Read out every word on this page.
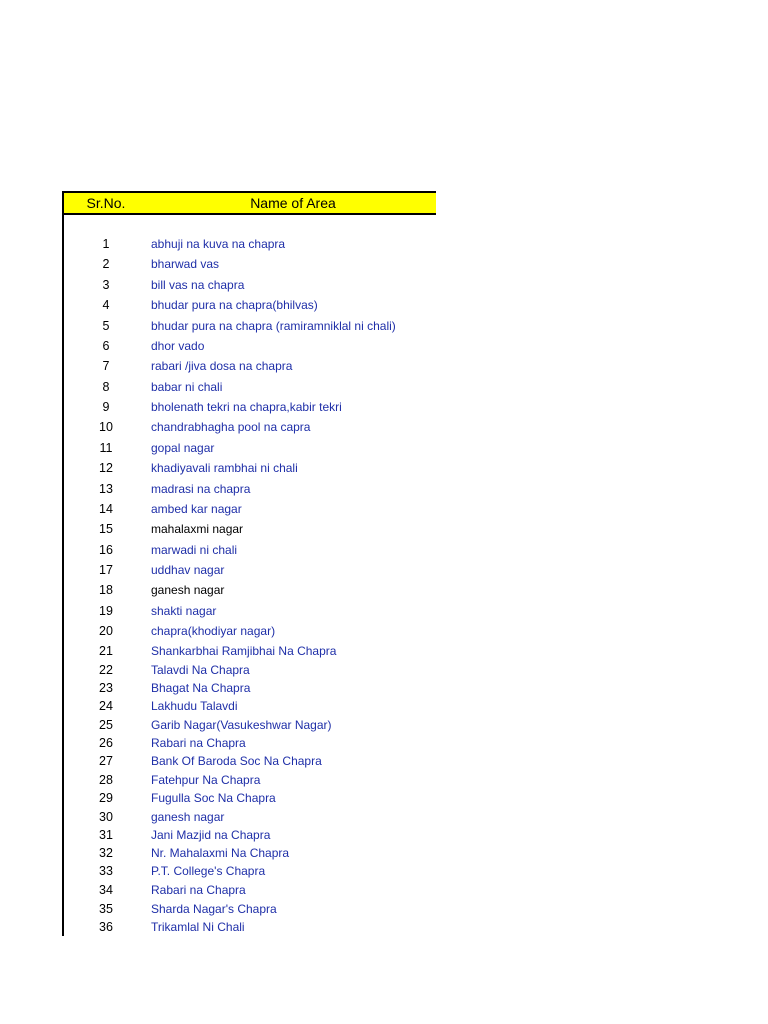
Sr.No.	Name of Area
1	abhuji na kuva na chapra
2	bharwad vas
3	bill vas na chapra
4	bhudar pura na chapra(bhilvas)
5	bhudar pura na chapra (ramiramniklal ni chali)
6	dhor vado
7	rabari /jiva dosa na chapra
8	babar ni chali
9	bholenath tekri na chapra,kabir tekri
10	chandrabhagha pool na capra
11	gopal nagar
12	khadiyavali rambhai ni chali
13	madrasi na chapra
14	ambed kar nagar
15	mahalaxmi nagar
16	marwadi ni chali
17	uddhav nagar
18	ganesh nagar
19	shakti nagar
20	chapra(khodiyar nagar)
21	Shankarbhai Ramjibhai Na Chapra
22	Talavdi Na Chapra
23	Bhagat Na Chapra
24	Lakhudu Talavdi
25	Garib Nagar(Vasukeshwar Nagar)
26	Rabari na Chapra
27	Bank Of Baroda Soc Na Chapra
28	Fatehpur Na Chapra
29	Fugulla Soc Na Chapra
30	ganesh nagar
31	Jani Mazjid na Chapra
32	Nr. Mahalaxmi Na Chapra
33	P.T. College's Chapra
34	Rabari na Chapra
35	Sharda Nagar's Chapra
36	Trikamlal Ni Chali
